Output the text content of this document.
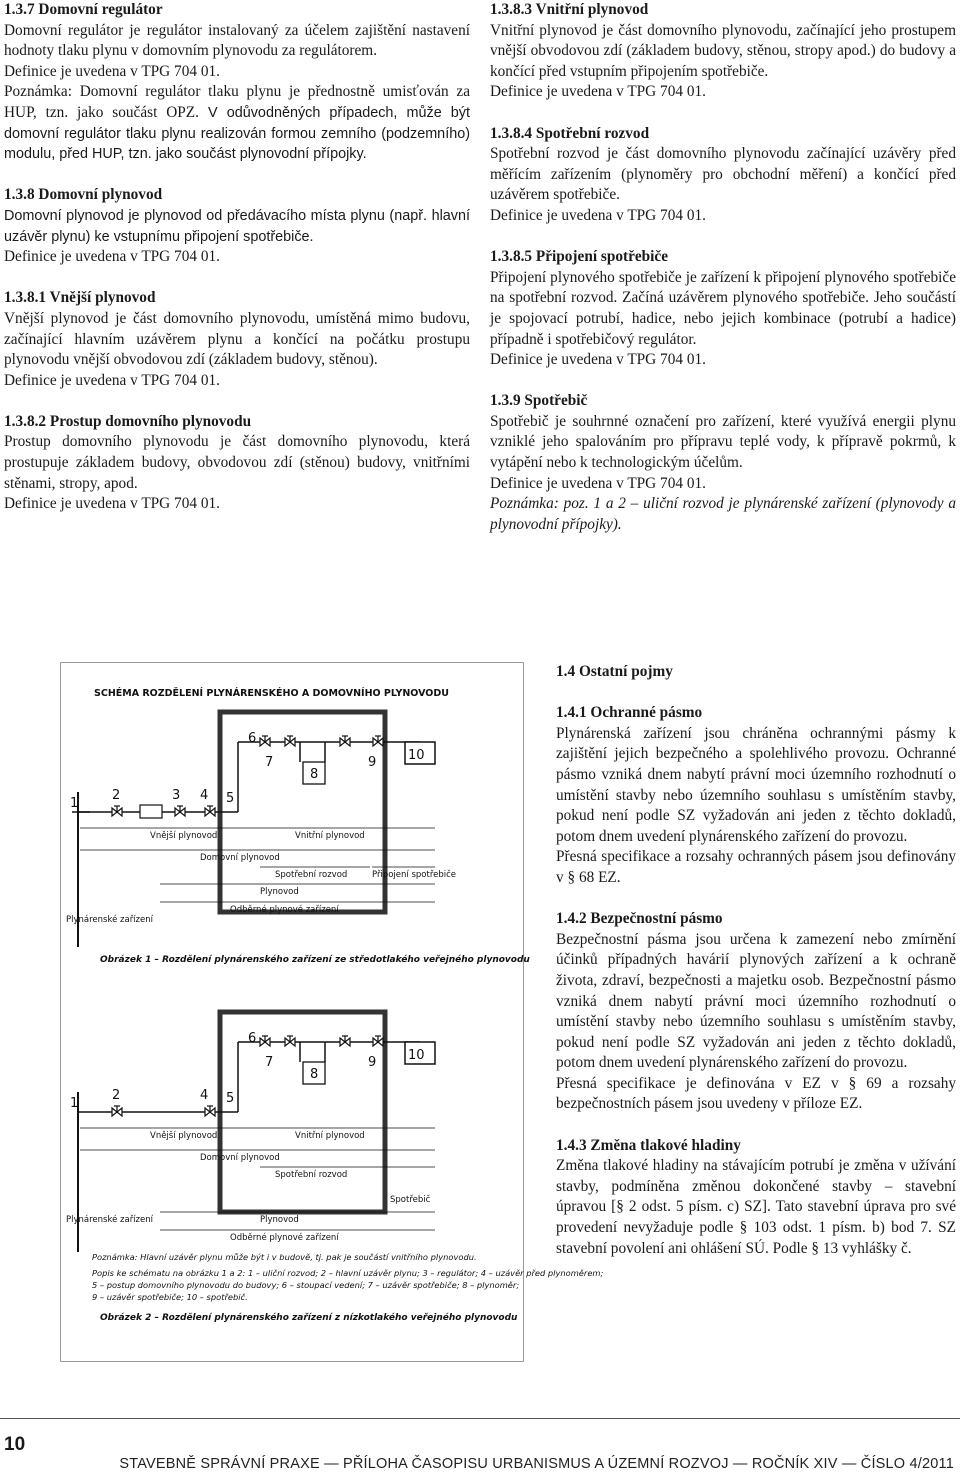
1.3.7 Domovní regulátor

Domovní regulátor je regulátor instalovaný za účelem zajištění nastavení hodnoty tlaku plynu v domovním plynovodu za regulátorem.

Definice je uvedena v TPG 704 01.

Poznámka: Domovní regulátor tlaku plynu je přednostně umisťován za HUP, tzn. jako součást OPZ. V odůvodněných případech, může být domovní regulátor tlaku plynu realizován formou zemního (podzemního) modulu, před HUP, tzn. jako součást plynovodní přípojky.

1.3.8 Domovní plynovod

Domovní plynovod je plynovod od předávacího místa plynu (např. hlavní uzávěr plynu) ke vstupnímu připojení spotřebiče.

Definice je uvedena v TPG 704 01.

1.3.8.1 Vnější plynovod

Vnější plynovod je část domovního plynovodu, umístěná mimo budovu, začínající hlavním uzávěrem plynu a končící na počátku prostupu plynovodu vnější obvodovou zdí (základem budovy, stěnou).

Definice je uvedena v TPG 704 01.

1.3.8.2 Prostup domovního plynovodu

Prostup domovního plynovodu je část domovního plynovodu, která prostupuje základem budovy, obvodovou zdí (stěnou) budovy, vnitřními stěnami, stropy, apod.

Definice je uvedena v TPG 704 01.

1.3.8.3 Vnitřní plynovod

Vnitřní plynovod je část domovního plynovodu, začínající jeho prostupem vnější obvodovou zdí (základem budovy, stěnou, stropy apod.) do budovy a končící před vstupním připojením spotřebiče.

Definice je uvedena v TPG 704 01.

1.3.8.4 Spotřební rozvod

Spotřební rozvod je část domovního plynovodu začínající uzávěry před měřícím zařízením (plynoměry pro obchodní měření) a končící před uzávěrem spotřebiče.

Definice je uvedena v TPG 704 01.

1.3.8.5 Připojení spotřebiče

Připojení plynového spotřebiče je zařízení k připojení plynového spotřebiče na spotřební rozvod. Začíná uzávěrem plynového spotřebiče. Jeho součástí je spojovací potrubí, hadice, nebo jejich kombinace (potrubí a hadice) případně i spotřebičový regulátor.

Definice je uvedena v TPG 704 01.

1.3.9 Spotřebič

Spotřebič je souhrnné označení pro zařízení, které využívá energii plynu vzniklé jeho spalováním pro přípravu teplé vody, k přípravě pokrmů, k vytápění nebo k technologickým účelům.

Definice je uvedena v TPG 704 01.

Poznámka: poz. 1 a 2 – uliční rozvod je plynárenské zařízení (plynovody a plynovodní přípojky).

SCHÉMA ROZDĚLENÍ PLYNÁRENSKÉHO A DOMOVNÍHO PLYNOVODU
1
2	3 4 5
6
7
8
9 10
Vnější plynovod	Vnitřní plynovod
Domovní plynovod
Spotřební rozvod	Připojení spotřebiče
Plynovod
Odběrné plynové zařízení
Plynárenské zařízení
Obrázek 1 – Rozdělení plynárenského zařízení ze středotlakého veřejného plynovodu
1
2	4 5
6
7
8
9 10
Vnější plynovod	Vnitřní plynovod
Domovní plynovod
Spotřební rozvod
Spotřebič
Plynovod
Odběrné plynové zařízení
Plynárenské zařízení
Poznámka: Hlavní uzávěr plynu může být i v budově, tj. pak je součástí vnitřního plynovodu.
Popis ke schématu na obrázku 1 a 2: 1 – uliční rozvod; 2 – hlavní uzávěr plynu; 3 – regulátor; 4 – uzávěr před plynoměrem;
5 – postup domovního plynovodu do budovy; 6 – stoupací vedení; 7 – uzávěr spotřebiče; 8 – plynoměr;
9 – uzávěr spotřebiče; 10 – spotřebič.
Obrázek 2 – Rozdělení plynárenského zařízení z nízkotlakého veřejného plynovodu

1.4 Ostatní pojmy

1.4.1 Ochranné pásmo

Plynárenská zařízení jsou chráněna ochrannými pásmy k zajištění jejich bezpečného a spolehlivého provozu. Ochranné pásmo vzniká dnem nabytí právní moci územního rozhodnutí o umístění stavby nebo územního souhlasu s umístěním stavby, pokud není podle SZ vyžadován ani jeden z těchto dokladů, potom dnem uvedení plynárenského zařízení do provozu.

Přesná specifikace a rozsahy ochranných pásem jsou definovány v § 68 EZ.

1.4.2 Bezpečnostní pásmo

Bezpečnostní pásma jsou určena k zamezení nebo zmírnění účinků případných havárií plynových zařízení a k ochraně života, zdraví, bezpečnosti a majetku osob. Bezpečnostní pásmo vzniká dnem nabytí právní moci územního rozhodnutí o umístění stavby nebo územního souhlasu s umístěním stavby, pokud není podle SZ vyžadován ani jeden z těchto dokladů, potom dnem uvedení plynárenského zařízení do provozu.

Přesná specifikace je definována v EZ v § 69 a rozsahy bezpečnostních pásem jsou uvedeny v příloze EZ.

1.4.3 Změna tlakové hladiny

Změna tlakové hladiny na stávajícím potrubí je změna v užívání stavby, podmíněna změnou dokončené stavby – stavební úpravou [§ 2 odst. 5 písm. c) SZ]. Tato stavební úprava pro své provedení nevyžaduje podle § 103 odst. 1 písm. b) bod 7. SZ stavební povolení ani ohlášení SÚ. Podle § 13 vyhlášky č.

10
STAVEBNĚ SPRÁVNÍ PRAXE — PŘÍLOHA ČASOPISU URBANISMUS A ÚZEMNÍ ROZVOJ — ROČNÍK XIV — ČÍSLO 4/2011
